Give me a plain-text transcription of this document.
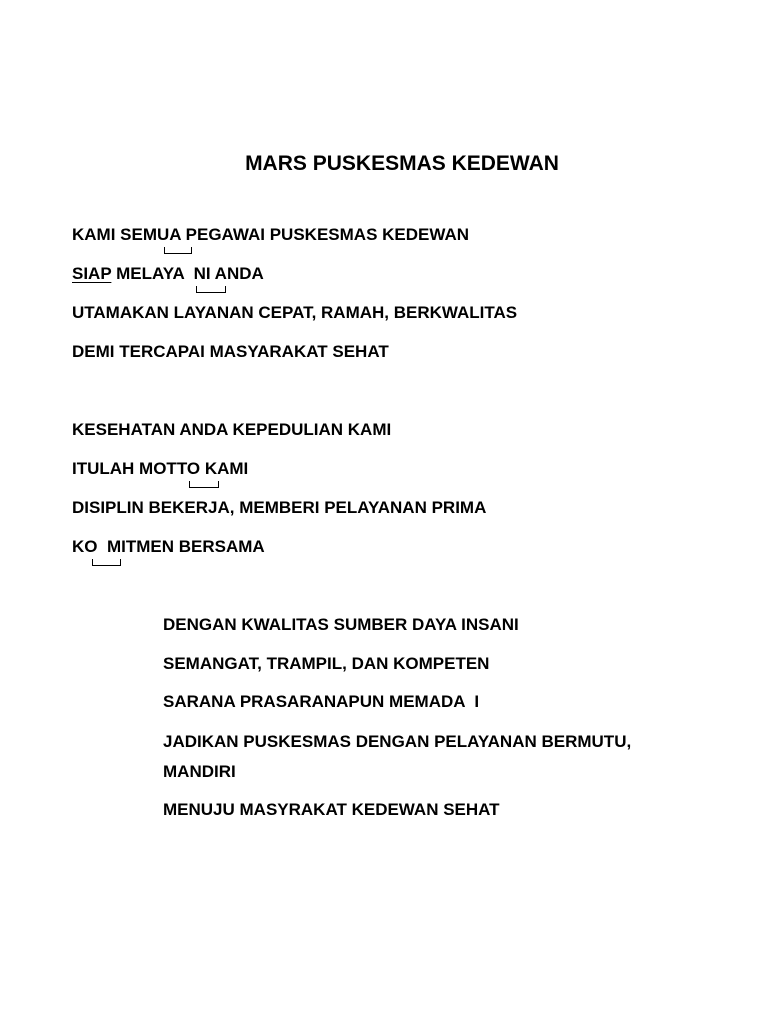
MARS PUSKESMAS KEDEWAN
KAMI SEMUA PEGAWAI PUSKESMAS KEDEWAN
SIAP MELAYA  NI ANDA
UTAMAKAN LAYANAN CEPAT, RAMAH, BERKWALITAS
DEMI TERCAPAI MASYARAKAT SEHAT
KESEHATAN ANDA KEPEDULIAN KAMI
ITULAH MOTTO KAMI
DISIPLIN BEKERJA, MEMBERI PELAYANAN PRIMA
KO  MITMEN BERSAMA
DENGAN KWALITAS SUMBER DAYA INSANI
SEMANGAT, TRAMPIL, DAN KOMPETEN
SARANA PRASARANAPUN MEMADA  I
JADIKAN PUSKESMAS DENGAN PELAYANAN BERMUTU,
MANDIRI
MENUJU MASYRAKAT KEDEWAN SEHAT
